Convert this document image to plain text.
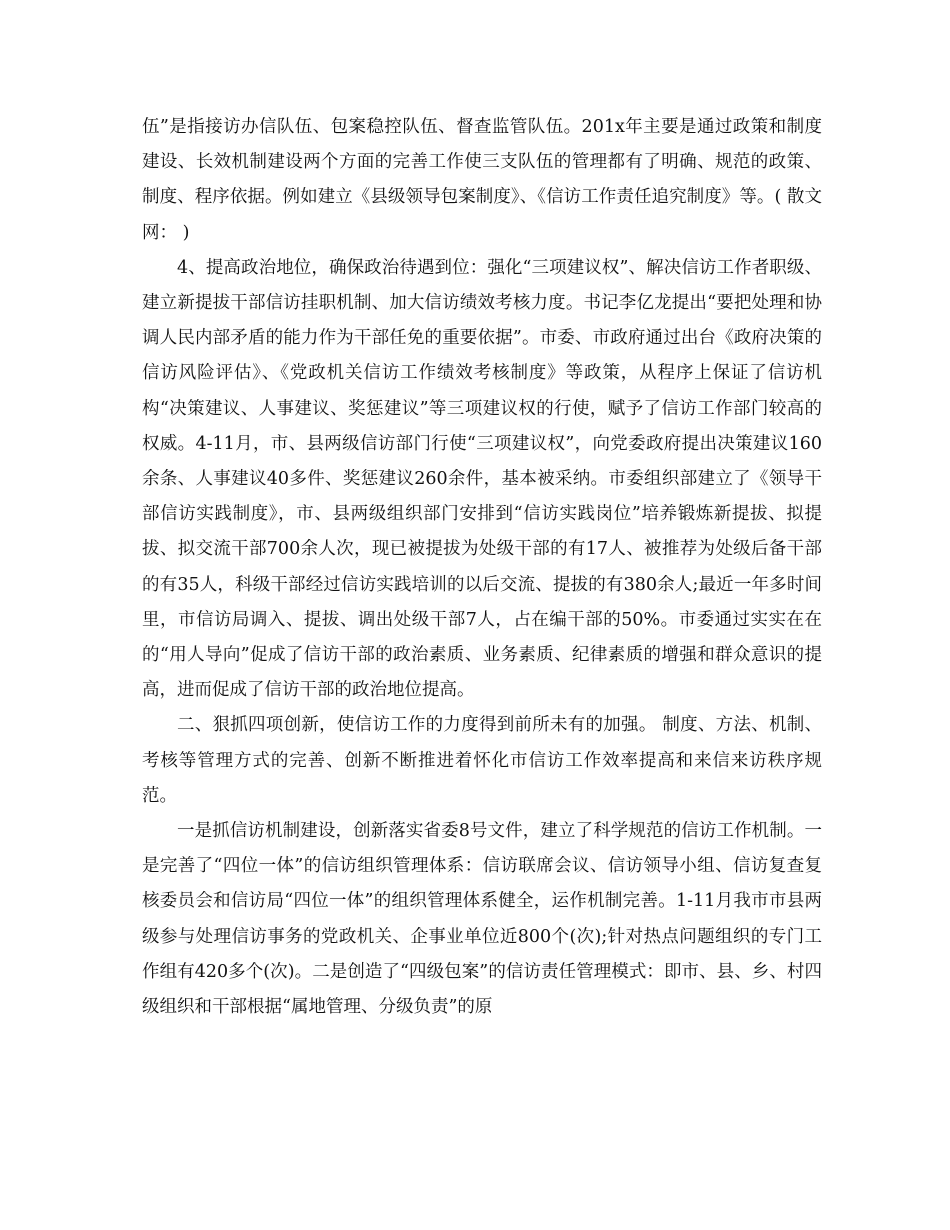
伍”是指接访办信队伍、包案稳控队伍、督查监管队伍。201x年主要是通过政策和制度建设、长效机制建设两个方面的完善工作使三支队伍的管理都有了明确、规范的政策、制度、程序依据。例如建立《县级领导包案制度》、《信访工作责任追究制度》等。( 散文网： )

4、提高政治地位，确保政治待遇到位：强化“三项建议权”、解决信访工作者职级、建立新提拔干部信访挂职机制、加大信访绩效考核力度。书记李亿龙提出“要把处理和协调人民内部矛盾的能力作为干部任免的重要依据”。市委、市政府通过出台《政府决策的信访风险评估》、《党政机关信访工作绩效考核制度》等政策，从程序上保证了信访机构“决策建议、人事建议、奖惩建议”等三项建议权的行使，赋予了信访工作部门较高的权威。4-11月，市、县两级信访部门行使“三项建议权”，向党委政府提出决策建议160余条、人事建议40多件、奖惩建议260余件，基本被采纳。市委组织部建立了《领导干部信访实践制度》，市、县两级组织部门安排到“信访实践岗位”培养锻炼新提拔、拟提拔、拟交流干部700余人次，现已被提拔为处级干部的有17人、被推荐为处级后备干部的有35人，科级干部经过信访实践培训的以后交流、提拔的有380余人;最近一年多时间里，市信访局调入、提拔、调出处级干部7人，占在编干部的50%。市委通过实实在在的“用人导向”促成了信访干部的政治素质、业务素质、纪律素质的增强和群众意识的提高，进而促成了信访干部的政治地位提高。

二、狠抓四项创新，使信访工作的力度得到前所未有的加强。 制度、方法、机制、考核等管理方式的完善、创新不断推进着怀化市信访工作效率提高和来信来访秩序规范。

一是抓信访机制建设，创新落实省委8号文件，建立了科学规范的信访工作机制。一是完善了“四位一体”的信访组织管理体系：信访联席会议、信访领导小组、信访复查复核委员会和信访局“四位一体”的组织管理体系健全，运作机制完善。1-11月我市市县两级参与处理信访事务的党政机关、企事业单位近800个(次);针对热点问题组织的专门工作组有420多个(次)。二是创造了“四级包案”的信访责任管理模式：即市、县、乡、村四级组织和干部根据“属地管理、分级负责”的原
